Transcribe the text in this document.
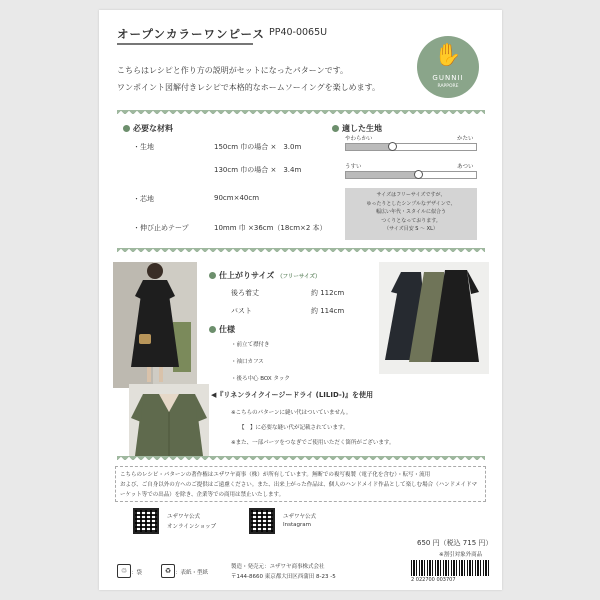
オープンカラーワンピース PP40-0065U
こちらはレシピと作り方の説明がセットになったパターンです。
ワンポイント図解付きレシピで本格的なホームソーイングを楽しめます。
✋
GUNNII
RAPPORE
必要な材料
・生地	150cm 巾の場合 ×　3.0m
130cm 巾の場合 ×　3.4m
・芯地	90cm×40cm
・伸び止めテープ	10mm 巾 ×36cm（18cm×2 本）
適した生地
やわらかい	かたい
うすい	あつい
サイズはフリーサイズですが、
ゆったりとしたシンプルなデザインで、
幅広い年代・スタイルに似合う
つくりとなっております。
（サイズ目安 S ～ XL）
仕上がりサイズ （フリーサイズ）
後ろ着丈	約 112cm
バスト	約 114cm
仕様
・前立て襟付き
・袖口カフス
・後ろ中心 BOX タック
◀『リネンライクイージードライ (LILID-)』を使用
※こちらのパターンに縫い代はついていません。
【　】に必要な縫い代が記載されています。
※また、一部パーツをつなぎでご使用いただく箇所がございます。
こちらのレシピ・パターンの著作権はユザワヤ商事（株）が所有しています。無断での複写複製（電子化を含む）・転写・流用
および、ご自身以外の方へのご提供はご遠慮ください。また、出来上がった作品は、個人のハンドメイド作品として楽しむ場合（ハンドメイドマ
ーケット等での出品）を除き、企業等での商用は禁止いたします。
ユザワヤ公式
オンラインショップ
ユザワヤ公式
Instagram
650 円（税込 715 円）
※割引対象外商品
♲ ：袋	♻ ：表紙・型紙
製造・発売元：ユザワヤ商事株式会社
〒144-8660 東京都大田区西蒲田 8-23 -5	2 022700 003707
